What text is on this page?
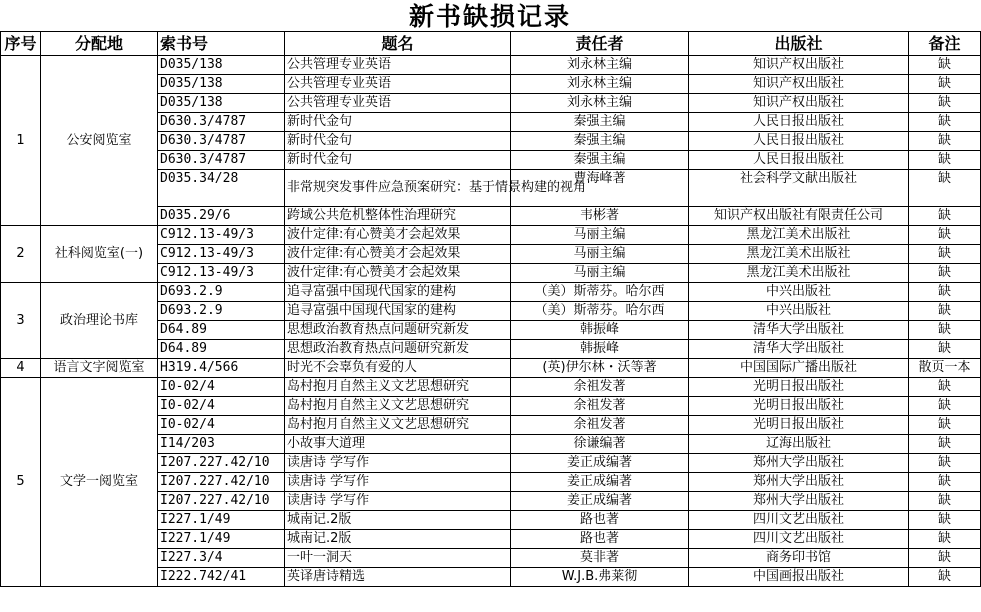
新书缺损记录
序号	分配地	索书号	题名	责任者	出版社	备注
1	公安阅览室	D035/138	公共管理专业英语	刘永林主编	知识产权出版社	缺
		D035/138	公共管理专业英语	刘永林主编	知识产权出版社	缺
		D035/138	公共管理专业英语	刘永林主编	知识产权出版社	缺
		D630.3/4787	新时代金句	秦强主编	人民日报出版社	缺
		D630.3/4787	新时代金句	秦强主编	人民日报出版社	缺
		D630.3/4787	新时代金句	秦强主编	人民日报出版社	缺
		D035.34/28	非常规突发事件应急预案研究：基于情景构建的视角	曹海峰著	社会科学文献出版社	缺
		D035.29/6	跨域公共危机整体性治理研究	韦彬著	知识产权出版社有限责任公司	缺
2	社科阅览室(一)	C912.13-49/3	波什定律:有心赞美才会起效果	马丽主编	黑龙江美术出版社	缺
		C912.13-49/3	波什定律:有心赞美才会起效果	马丽主编	黑龙江美术出版社	缺
		C912.13-49/3	波什定律:有心赞美才会起效果	马丽主编	黑龙江美术出版社	缺
3	政治理论书库	D693.2.9	追寻富强中国现代国家的建构	（美）斯蒂芬。哈尔西	中兴出版社	缺
		D693.2.9	追寻富强中国现代国家的建构	（美）斯蒂芬。哈尔西	中兴出版社	缺
		D64.89	思想政治教育热点问题研究新发	韩振峰	清华大学出版社	缺
		D64.89	思想政治教育热点问题研究新发	韩振峰	清华大学出版社	缺
4	语言文字阅览室	H319.4/566	时光不会辜负有爱的人	(英)伊尔林・沃等著	中国国际广播出版社	散页一本
5	文学一阅览室	I0-02/4	岛村抱月自然主义文艺思想研究	余祖发著	光明日报出版社	缺
		I0-02/4	岛村抱月自然主义文艺思想研究	余祖发著	光明日报出版社	缺
		I0-02/4	岛村抱月自然主义文艺思想研究	余祖发著	光明日报出版社	缺
		I14/203	小故事大道理	徐谦编著	辽海出版社	缺
		I207.227.42/10	读唐诗 学写作	姜正成编著	郑州大学出版社	缺
		I207.227.42/10	读唐诗 学写作	姜正成编著	郑州大学出版社	缺
		I207.227.42/10	读唐诗 学写作	姜正成编著	郑州大学出版社	缺
		I227.1/49	城南记.2版	路也著	四川文艺出版社	缺
		I227.1/49	城南记.2版	路也著	四川文艺出版社	缺
		I227.3/4	一叶一洞天	莫非著	商务印书馆	缺
		I222.742/41	英译唐诗精选	W.J.B.弗莱彻	中国画报出版社	缺
